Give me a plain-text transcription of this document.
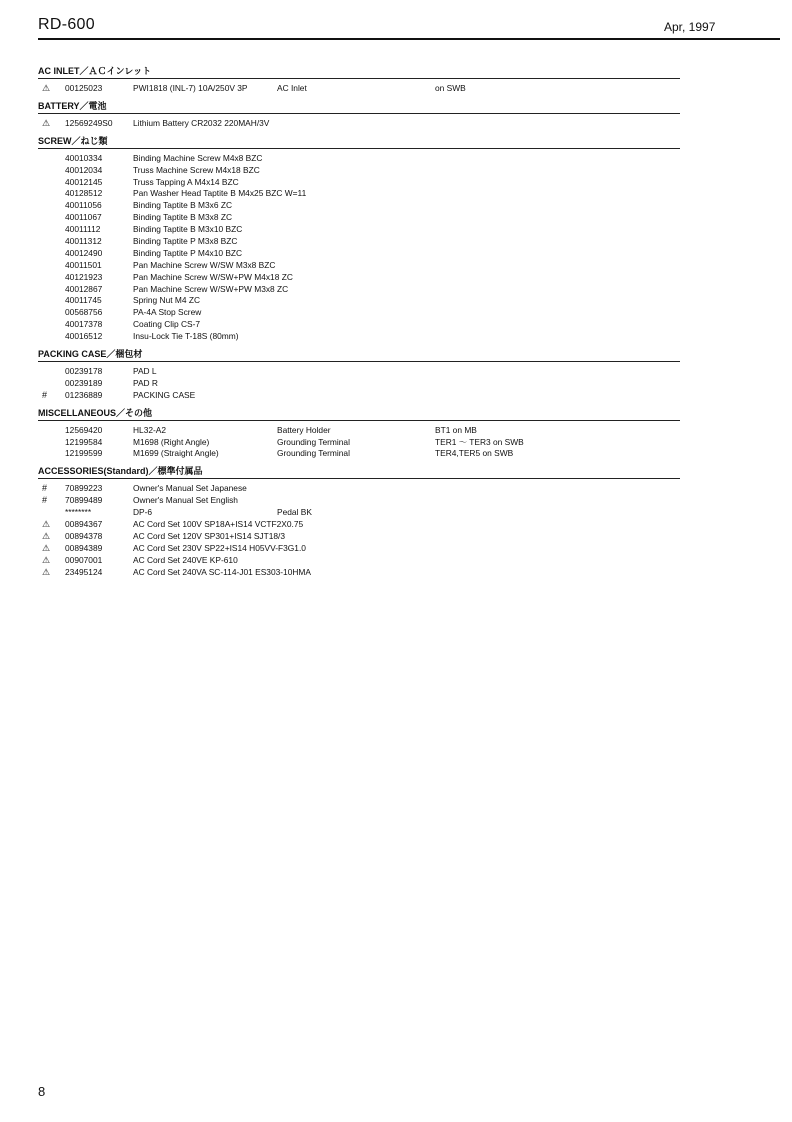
RD-600	Apr, 1997
AC INLET／ＡＣインレット
⚠	00125023	PWI1818 (INL-7) 10A/250V 3P	AC Inlet	on SWB
BATTERY／電池
⚠	12569249S0 Lithium Battery CR2032 220MAH/3V
SCREW／ねじ類
40010334	Binding Machine Screw M4x8 BZC
40012034	Truss Machine Screw M4x18 BZC
40012145	Truss Tapping A M4x14 BZC
40128512	Pan Washer Head Taptite B M4x25 BZC W=11
40011056	Binding Taptite B M3x6 ZC
40011067	Binding Taptite B M3x8 ZC
40011112	Binding Taptite B M3x10 BZC
40011312	Binding Taptite P M3x8 BZC
40012490	Binding Taptite P M4x10 BZC
40011501	Pan Machine Screw W/SW M3x8 BZC
40121923	Pan Machine Screw W/SW+PW M4x18 ZC
40012867	Pan Machine Screw W/SW+PW M3x8 ZC
40011745	Spring Nut M4 ZC
00568756	PA-4A Stop Screw
40017378	Coating Clip CS-7
40016512	Insu-Lock Tie T-18S (80mm)
PACKING CASE／梱包材
00239178	PAD L
00239189	PAD R
#	01236889	PACKING CASE
MISCELLANEOUS／その他
12569420	HL32-A2	Battery Holder	BT1 on MB
12199584	M1698 (Right Angle)	Grounding Terminal	TER1 ～ TER3 on SWB
12199599	M1699 (Straight Angle)	Grounding Terminal	TER4,TER5 on SWB
ACCESSORIES(Standard)／標準付属品
#	70899223	Owner's Manual Set Japanese
#	70899489	Owner's Manual Set English
********	DP-6	Pedal BK
⚠	00894367	AC Cord Set 100V SP18A+IS14 VCTF2X0.75
⚠	00894378	AC Cord Set 120V SP301+IS14 SJT18/3
⚠	00894389	AC Cord Set 230V SP22+IS14 H05VV-F3G1.0
⚠	00907001	AC Cord Set 240VE KP-610
⚠	23495124	AC Cord Set 240VA SC-114-J01 ES303-10HMA
8
